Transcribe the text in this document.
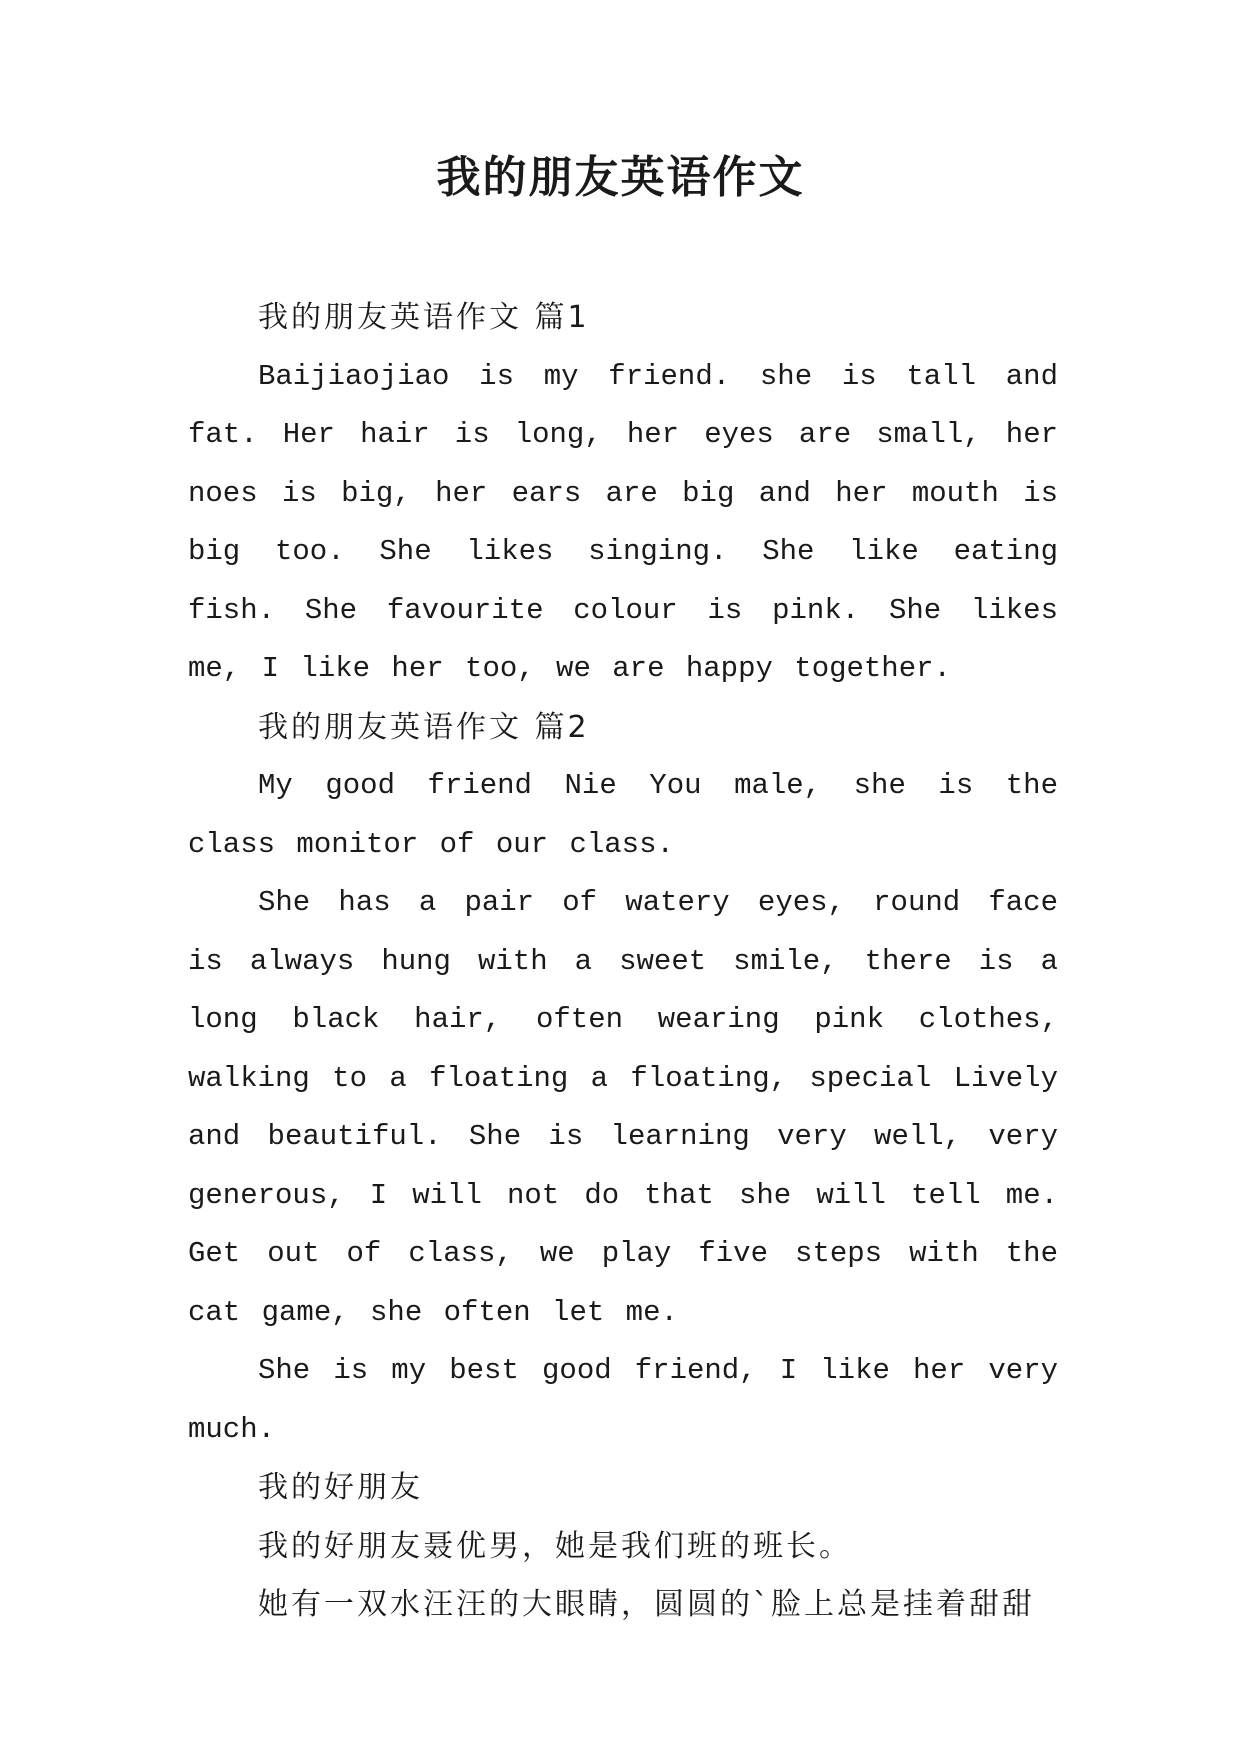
我的朋友英语作文

我的朋友英语作文 篇1

Baijiaojiao is my friend. she is tall and fat. Her hair is long, her eyes are small, her noes is big, her ears are big and her mouth is big too. She likes singing. She like eating fish. She favourite colour is pink. She likes me, I like her too, we are happy together.

我的朋友英语作文 篇2

My good friend Nie You male, she is the class monitor of our class.

She has a pair of watery eyes, round face is always hung with a sweet smile, there is a long black hair, often wearing pink clothes, walking to a floating a floating, special Lively and beautiful. She is learning very well, very generous, I will not do that she will tell me. Get out of class, we play five steps with the cat game, she often let me.

She is my best good friend, I like her very much.

我的好朋友

我的好朋友聂优男，她是我们班的班长。

她有一双水汪汪的大眼睛，圆圆的`脸上总是挂着甜甜
